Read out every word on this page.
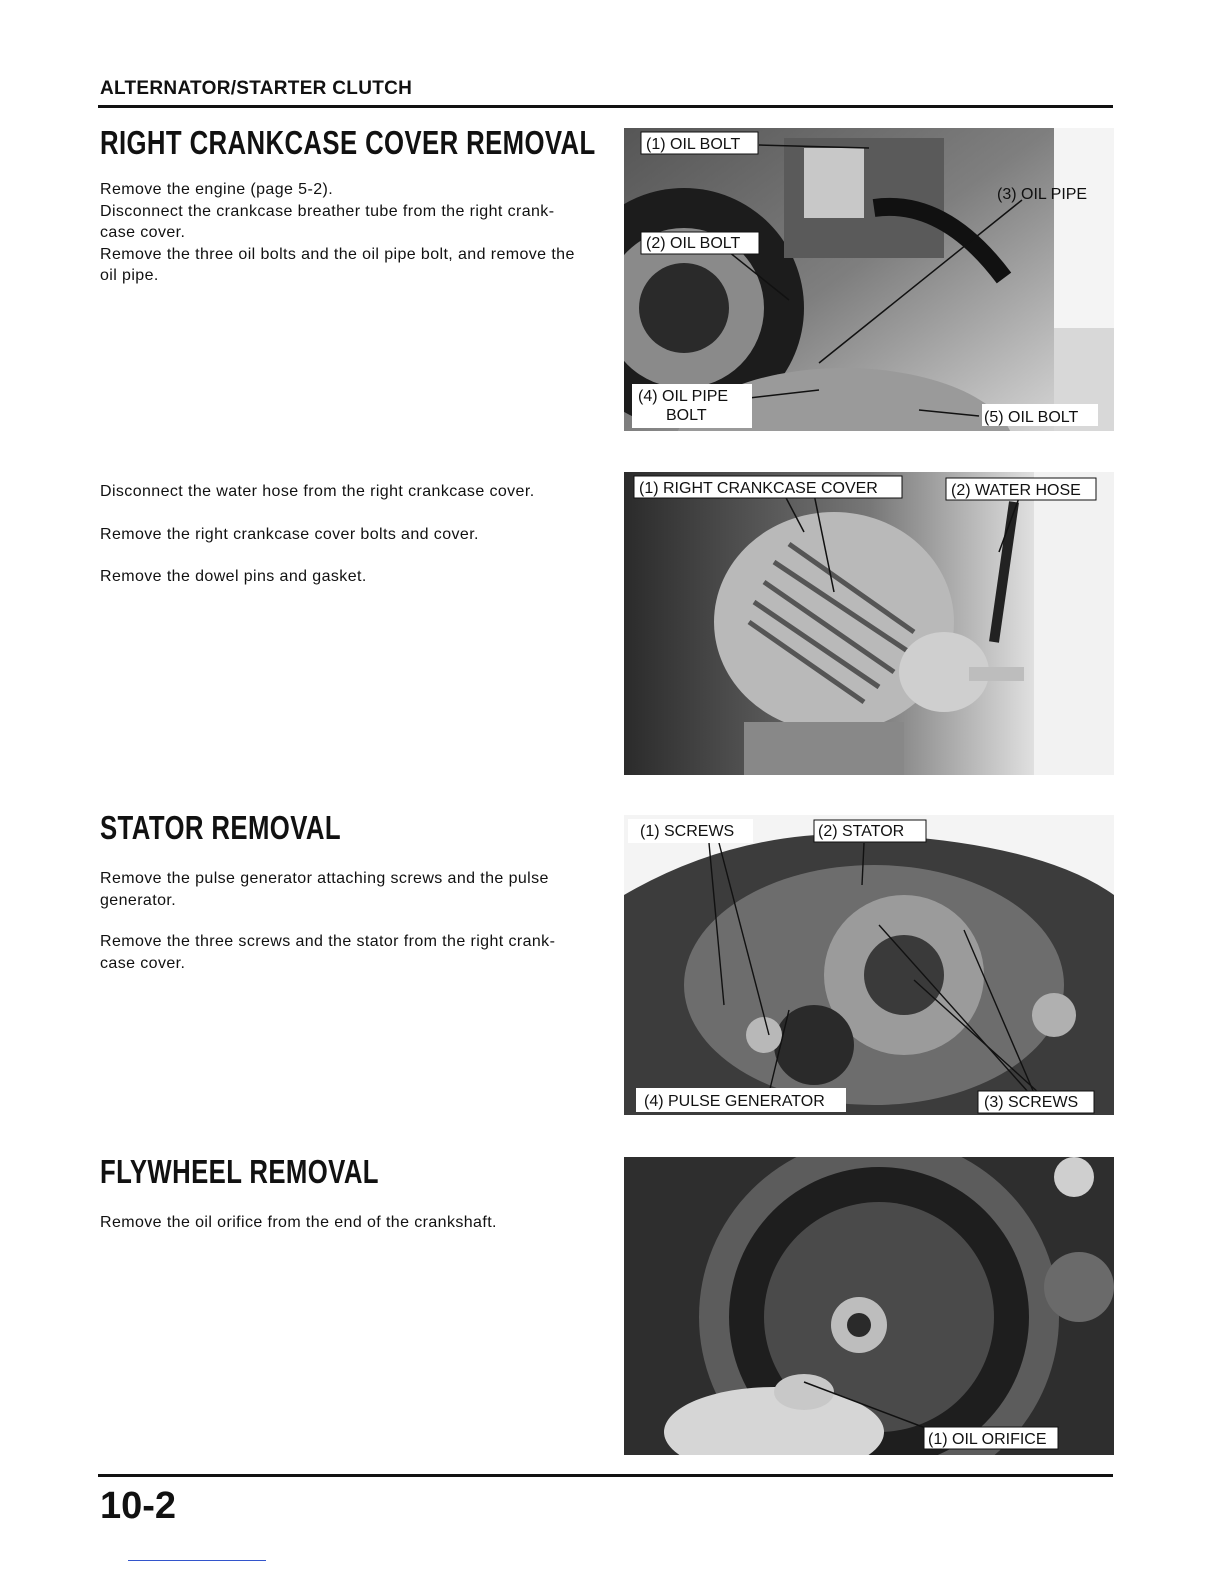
ALTERNATOR/STARTER CLUTCH
RIGHT CRANKCASE COVER REMOVAL

Remove the engine (page 5-2).
Disconnect the crankcase breather tube from the right crank-
case cover.
Remove the three oil bolts and the oil pipe bolt, and remove the
oil pipe.

Disconnect the water hose from the right crankcase cover.

Remove the right crankcase cover bolts and cover.

Remove the dowel pins and gasket.

STATOR REMOVAL

Remove the pulse generator attaching screws and the pulse
generator.

Remove the three screws and the stator from the right crank-
case cover.

FLYWHEEL REMOVAL

Remove the oil orifice from the end of the crankshaft.

(1) OIL BOLT
(2) OIL BOLT
(3) OIL PIPE
(4) OIL PIPE
BOLT	(5) OIL BOLT
(1) RIGHT CRANKCASE COVER	(2) WATER HOSE
(1) SCREWS	(2) STATOR
(4) PULSE GENERATOR	(3) SCREWS
(1) OIL ORIFICE
10-2
